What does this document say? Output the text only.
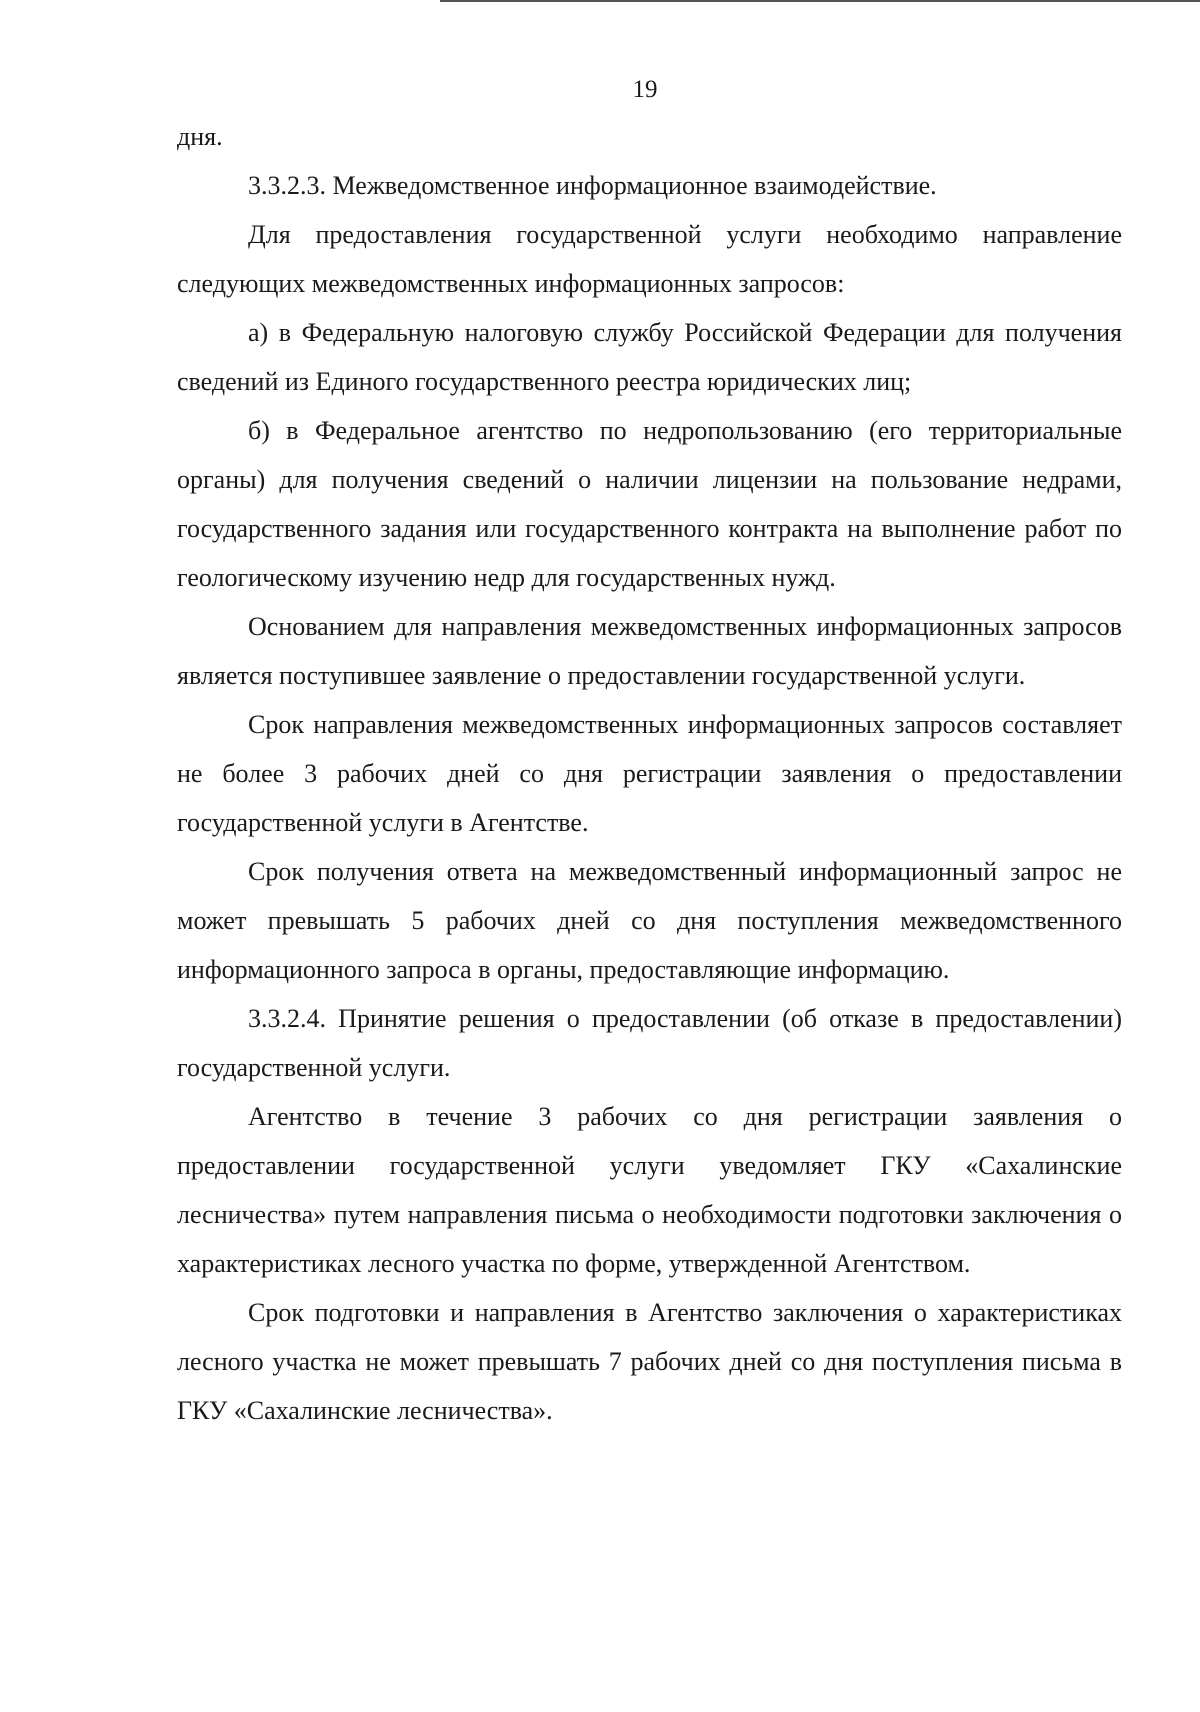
19

дня.

3.3.2.3. Межведомственное информационное взаимодействие.

Для предоставления государственной услуги необходимо направление следующих межведомственных информационных запросов:

а) в Федеральную налоговую службу Российской Федерации для получения сведений из Единого государственного реестра юридических лиц;

б) в Федеральное агентство по недропользованию (его территориальные органы) для получения сведений о наличии лицензии на пользование недрами, государственного задания или государственного контракта на выполнение работ по геологическому изучению недр для государственных нужд.

Основанием для направления межведомственных информационных запросов является поступившее заявление о предоставлении государственной услуги.

Срок направления межведомственных информационных запросов составляет не более 3 рабочих дней со дня регистрации заявления о предоставлении государственной услуги в Агентстве.

Срок получения ответа на межведомственный информационный запрос не может превышать 5 рабочих дней со дня поступления межведомственного информационного запроса в органы, предоставляющие информацию.

3.3.2.4. Принятие решения о предоставлении (об отказе в предоставлении) государственной услуги.

Агентство в течение 3 рабочих со дня регистрации заявления о предоставлении государственной услуги уведомляет ГКУ «Сахалинские лесничества» путем направления письма о необходимости подготовки заключения о характеристиках лесного участка по форме, утвержденной Агентством.

Срок подготовки и направления в Агентство заключения о характеристиках лесного участка не может превышать 7 рабочих дней со дня поступления письма в ГКУ «Сахалинские лесничества».
